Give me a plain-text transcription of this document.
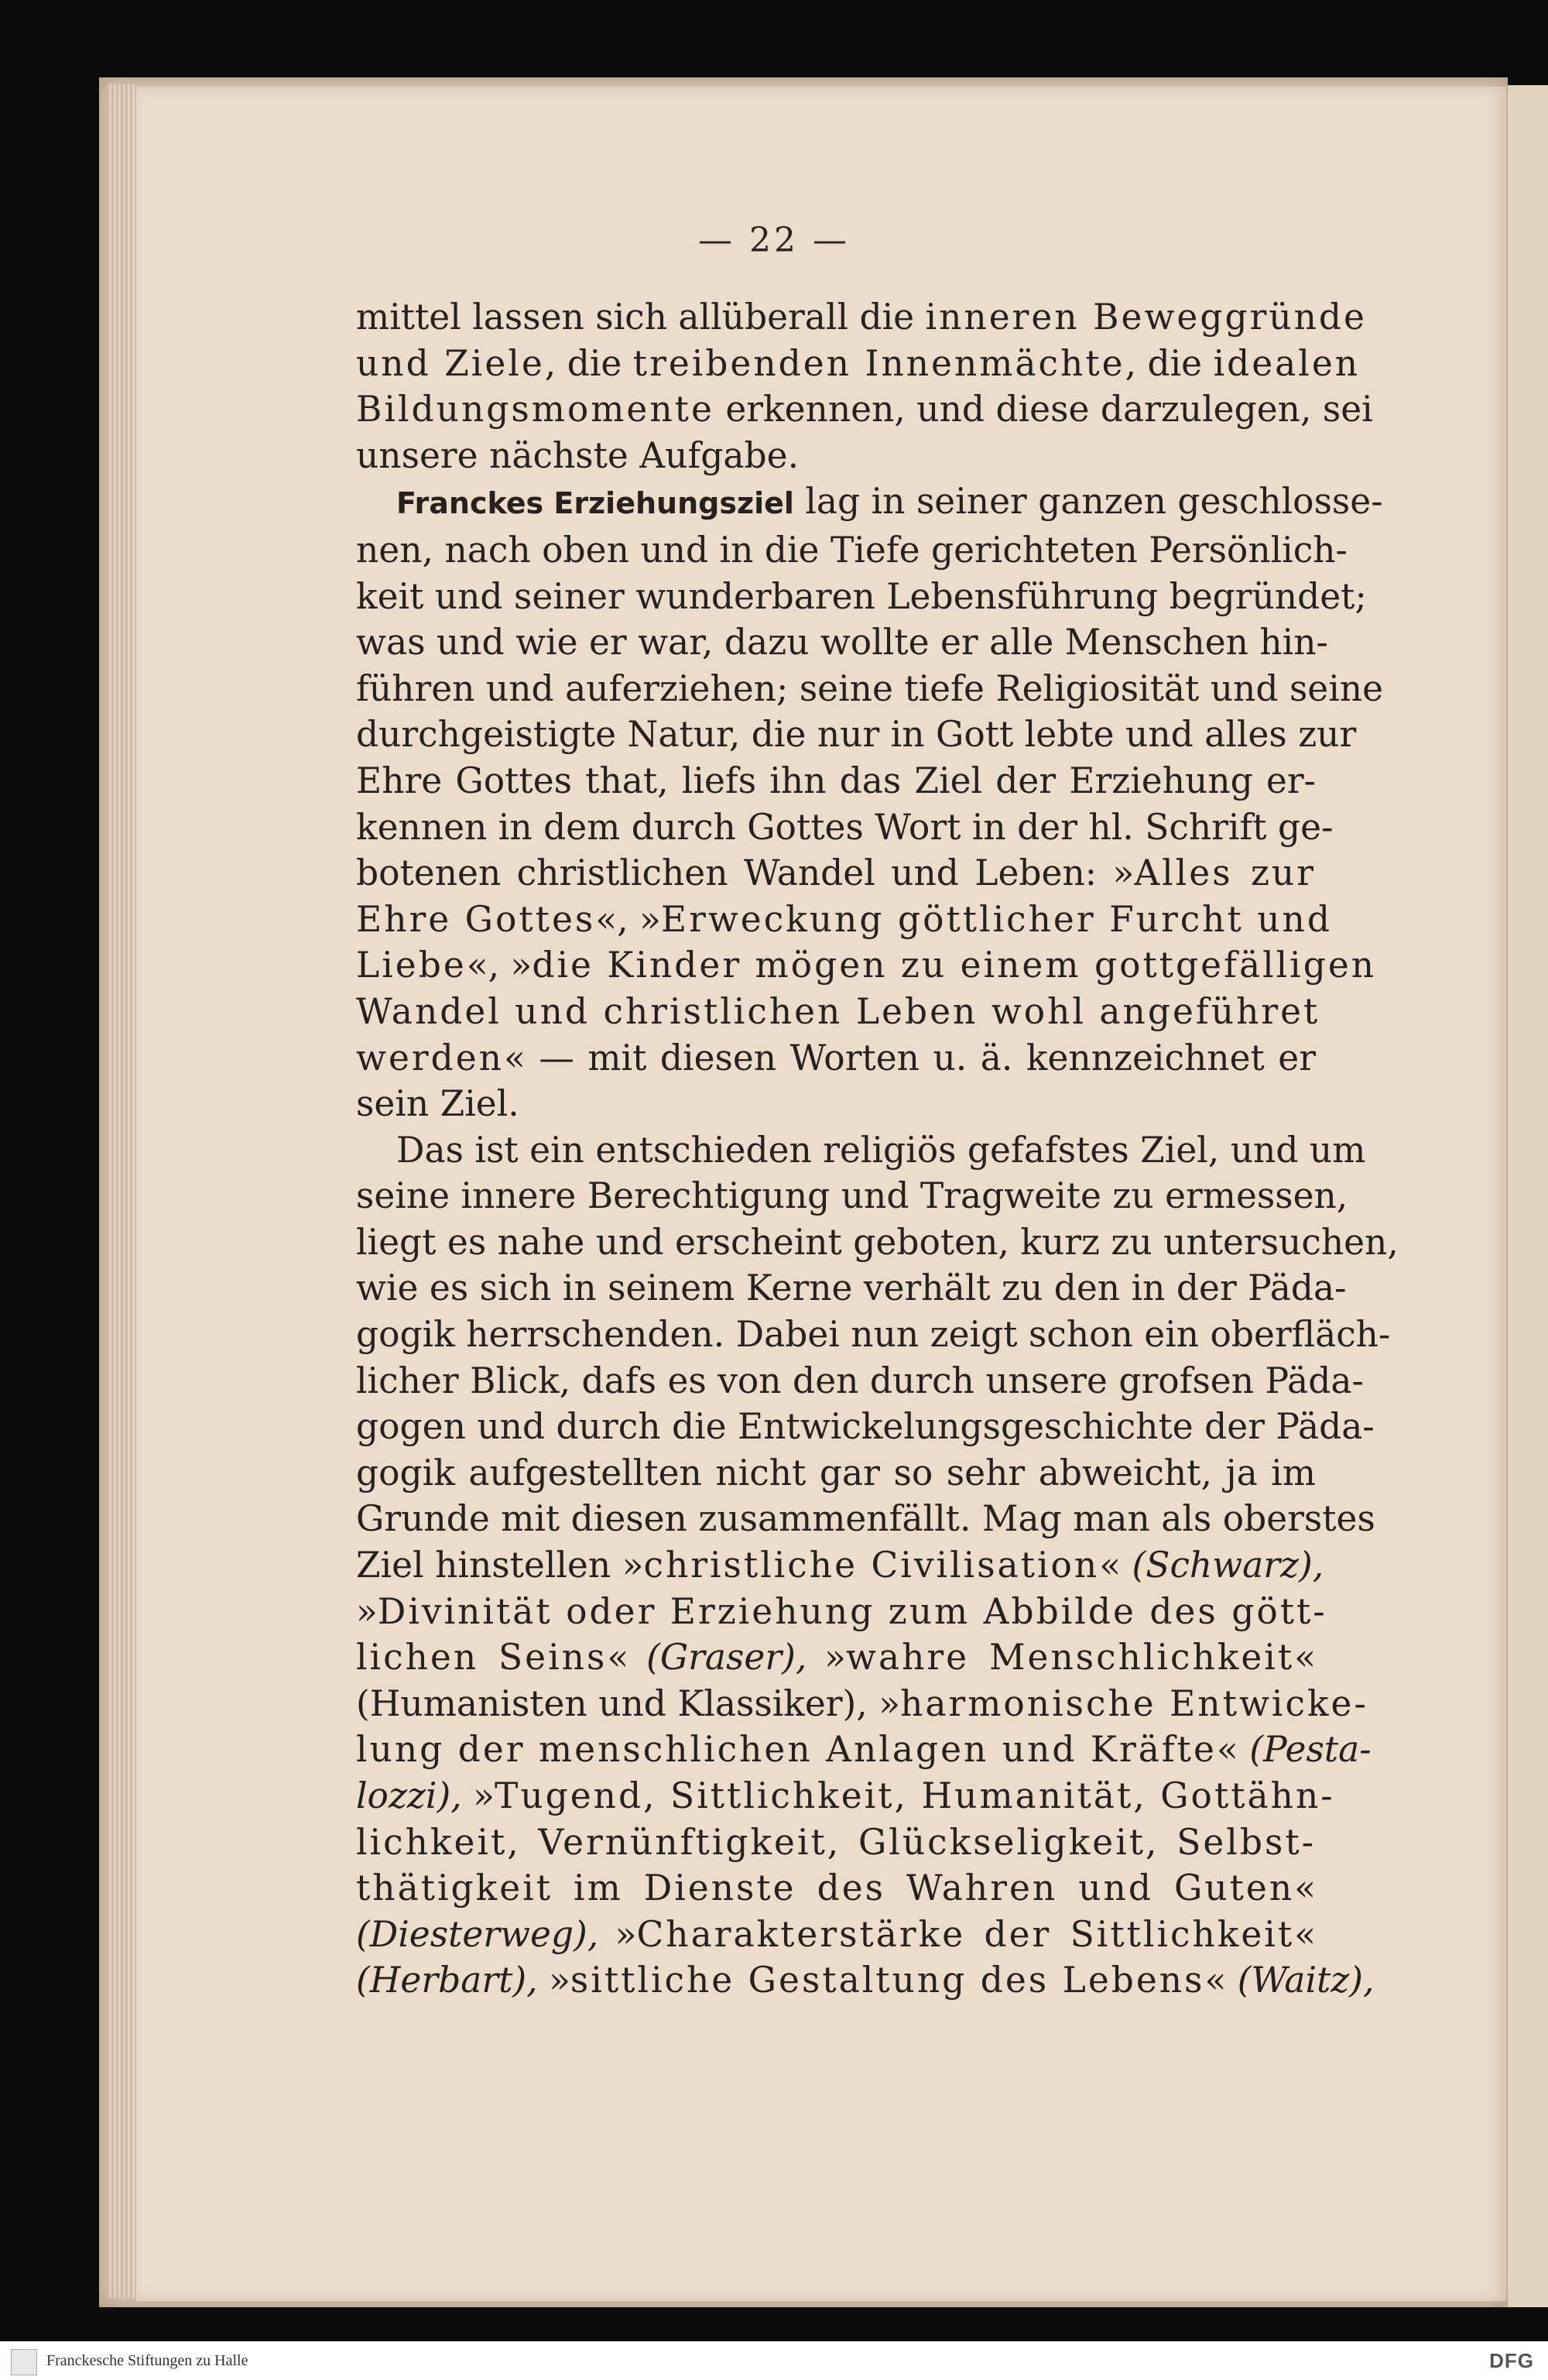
— 22 —
mittel lassen sich allüberall die inneren Beweggründe
und Ziele, die treibenden Innenmächte, die idealen
Bildungsmomente erkennen, und diese darzulegen, sei
unsere nächste Aufgabe.
Franckes Erziehungsziel lag in seiner ganzen geschlosse-
nen, nach oben und in die Tiefe gerichteten Persönlich-
keit und seiner wunderbaren Lebensführung begründet;
was und wie er war, dazu wollte er alle Menschen hin-
führen und auferziehen; seine tiefe Religiosität und seine
durchgeistigte Natur, die nur in Gott lebte und alles zur
Ehre Gottes that, liefs ihn das Ziel der Erziehung er-
kennen in dem durch Gottes Wort in der hl. Schrift ge-
botenen christlichen Wandel und Leben: »Alles zur
Ehre Gottes«, »Erweckung göttlicher Furcht und
Liebe«, »die Kinder mögen zu einem gottgefälligen
Wandel und christlichen Leben wohl angeführet
werden« — mit diesen Worten u. ä. kennzeichnet er
sein Ziel.
Das ist ein entschieden religiös gefafstes Ziel, und um
seine innere Berechtigung und Tragweite zu ermessen,
liegt es nahe und erscheint geboten, kurz zu untersuchen,
wie es sich in seinem Kerne verhält zu den in der Päda-
gogik herrschenden. Dabei nun zeigt schon ein oberfläch-
licher Blick, dafs es von den durch unsere grofsen Päda-
gogen und durch die Entwickelungsgeschichte der Päda-
gogik aufgestellten nicht gar so sehr abweicht, ja im
Grunde mit diesen zusammenfällt. Mag man als oberstes
Ziel hinstellen »christliche Civilisation« (Schwarz),
»Divinität oder Erziehung zum Abbilde des gött-
lichen Seins« (Graser), »wahre Menschlichkeit«
(Humanisten und Klassiker), »harmonische Entwicke-
lung der menschlichen Anlagen und Kräfte« (Pesta-
lozzi), »Tugend, Sittlichkeit, Humanität, Gottähn-
lichkeit, Vernünftigkeit, Glückseligkeit, Selbst-
thätigkeit im Dienste des Wahren und Guten«
(Diesterweg), »Charakterstärke der Sittlichkeit«
(Herbart), »sittliche Gestaltung des Lebens« (Waitz),
Franckesche Stiftungen zu Halle	DFG
